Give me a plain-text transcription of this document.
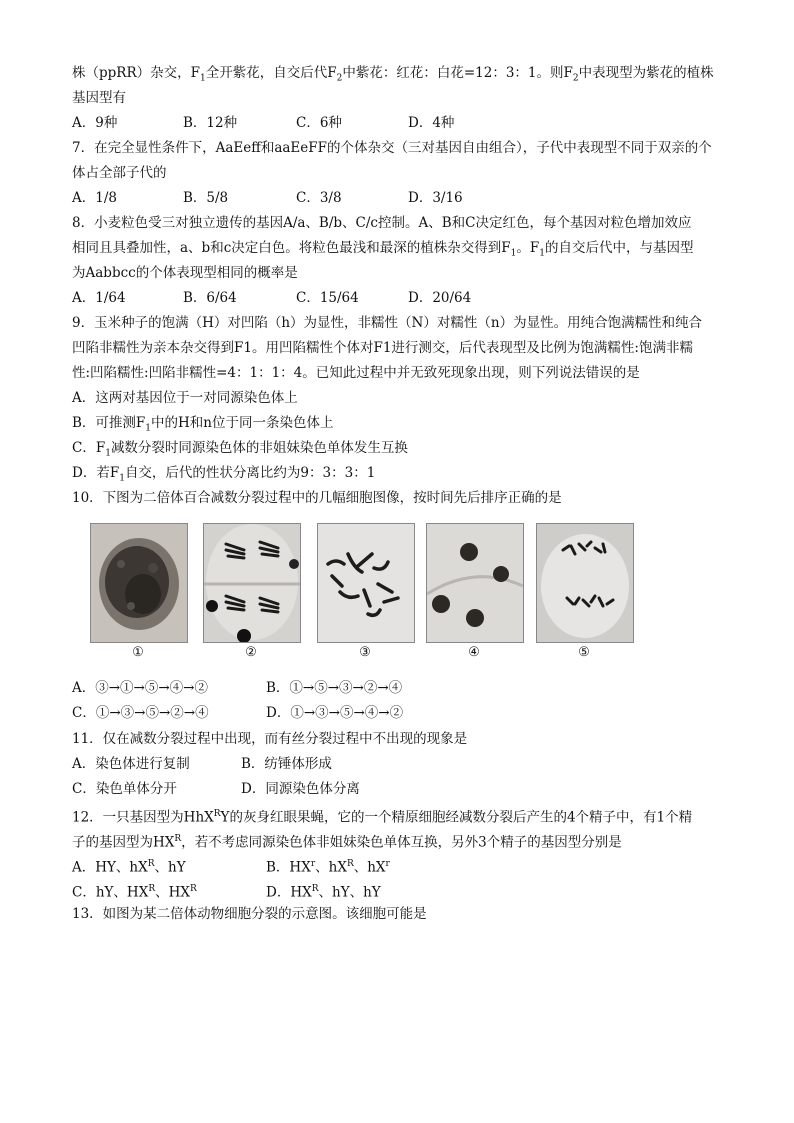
株（ppRR）杂交，$F_1$全开紫花，自交后代$F_2$中紫花：红花：白花=12：3：1。则$F_2$中表现型为紫花的植株
基因型有
A．9种	B．12种	C．6种	D．4种
7．在完全显性条件下，AaEeff和aaEeFF的个体杂交（三对基因自由组合），子代中表现型不同于双亲的个
体占全部子代的
A．1/8	B．5/8	C．3/8	D．3/16
8．小麦粒色受三对独立遗传的基因A/a、B/b、C/c控制。A、B和C决定红色，每个基因对粒色增加效应
相同且具叠加性，a、b和c决定白色。将粒色最浅和最深的植株杂交得到$F_1$。$F_1$的自交后代中，与基因型
为Aabbcc的个体表现型相同的概率是
A．1/64	B．6/64	C．15/64	D．20/64
9．玉米种子的饱满（H）对凹陷（h）为显性，非糯性（N）对糯性（n）为显性。用纯合饱满糯性和纯合
凹陷非糯性为亲本杂交得到F1。用凹陷糯性个体对F1进行测交，后代表现型及比例为饱满糯性:饱满非糯
性:凹陷糯性:凹陷非糯性=4：1：1：4。已知此过程中并无致死现象出现，则下列说法错误的是
A．这两对基因位于一对同源染色体上
B．可推测$F_1$中的H和n位于同一条染色体上
C．$F_1$减数分裂时同源染色体的非姐妹染色单体发生互换
D．若$F_1$自交，后代的性状分离比约为9：3：3：1
10．下图为二倍体百合减数分裂过程中的几幅细胞图像，按时间先后排序正确的是
①	②	③	④	⑤
A．③→①→⑤→④→②	B．①→⑤→③→②→④
C．①→③→⑤→②→④	D．①→③→⑤→④→②
11．仅在减数分裂过程中出现，而有丝分裂过程中不出现的现象是
A．染色体进行复制	B．纺锤体形成
C．染色单体分开	D．同源染色体分离
12．一只基因型为HhX$^R$Y的灰身红眼果蝇，它的一个精原细胞经减数分裂后产生的4个精子中，有1个精
子的基因型为$HX^R$，若不考虑同源染色体非姐妹染色单体互换，另外3个精子的基因型分别是
A．HY、$hX^R$、hY	B．$HX^r$、$hX^R$、$hX^r$
C．hY、$HX^R$、$HX^R$	D．$HX^R$、hY、hY
13．如图为某二倍体动物细胞分裂的示意图。该细胞可能是
